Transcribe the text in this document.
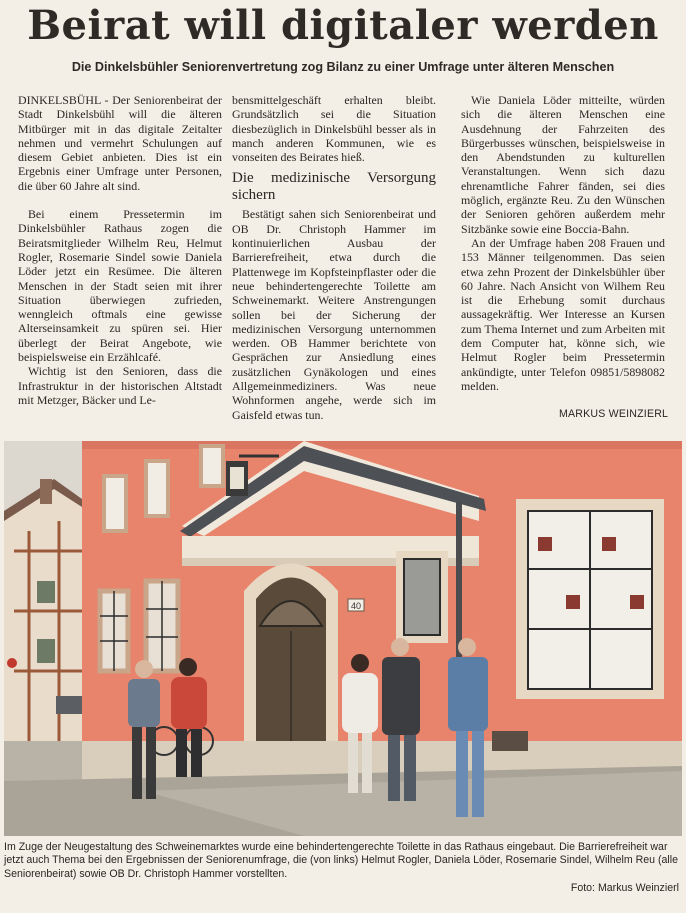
Beirat will digitaler werden
Die Dinkelsbühler Seniorenvertretung zog Bilanz zu einer Umfrage unter älteren Menschen

DINKELSBÜHL - Der Seniorenbeirat der Stadt Dinkelsbühl will die älteren Mitbürger mit in das digitale Zeitalter nehmen und vermehrt Schulungen auf diesem Gebiet anbieten. Dies ist ein Ergebnis einer Umfrage unter Personen, die über 60 Jahre alt sind.

Bei einem Pressetermin im Dinkelsbühler Rathaus zogen die Beiratsmitglieder Wilhelm Reu, Helmut Rogler, Rosemarie Sindel sowie Daniela Löder jetzt ein Resümee. Die älteren Menschen in der Stadt seien mit ihrer Situation überwiegen zufrieden, wenngleich oftmals eine gewisse Alterseinsamkeit zu spüren sei. Hier überlegt der Beirat Angebote, wie beispielsweise ein Erzählcafé.

Wichtig ist den Senioren, dass die Infrastruktur in der historischen Altstadt mit Metzger, Bäcker und Le-

bensmittelgeschäft erhalten bleibt. Grundsätzlich sei die Situation diesbezüglich in Dinkelsbühl besser als in manch anderen Kommunen, wie es vonseiten des Beirates hieß.

Die medizinische Versorgung sichern

Bestätigt sahen sich Seniorenbeirat und OB Dr. Christoph Hammer im kontinuierlichen Ausbau der Barrierefreiheit, etwa durch die Plattenwege im Kopfsteinpflaster oder die neue behindertengerechte Toilette am Schweinemarkt. Weitere Anstrengungen sollen bei der Sicherung der medizinischen Versorgung unternommen werden. OB Hammer berichtete von Gesprächen zur Ansiedlung eines zusätzlichen Gynäkologen und eines Allgemeinmediziners. Was neue Wohnformen angehe, werde sich im Gaisfeld etwas tun.

Wie Daniela Löder mitteilte, würden sich die älteren Menschen eine Ausdehnung der Fahrzeiten des Bürgerbusses wünschen, beispielsweise in den Abendstunden zu kulturellen Veranstaltungen. Wenn sich dazu ehrenamtliche Fahrer fänden, sei dies möglich, ergänzte Reu. Zu den Wünschen der Senioren gehören außerdem mehr Sitzbänke sowie eine Boccia-Bahn.

An der Umfrage haben 208 Frauen und 153 Männer teilgenommen. Das seien etwa zehn Prozent der Dinkelsbühler über 60 Jahre. Nach Ansicht von Wilhem Reu ist die Erhebung somit durchaus aussagekräftig. Wer Interesse an Kursen zum Thema Internet und zum Arbeiten mit dem Computer hat, könne sich, wie Helmut Rogler beim Pressetermin ankündigte, unter Telefon 09851/5898082 melden.

MARKUS WEINZIERL
40
Im Zuge der Neugestaltung des Schweinemarktes wurde eine behindertengerechte Toilette in das Rathaus eingebaut. Die Barrierefreiheit war jetzt auch Thema bei den Ergebnissen der Seniorenumfrage, die (von links) Helmut Rogler, Daniela Löder, Rosemarie Sindel, Wilhelm Reu (alle Seniorenbeirat) sowie OB Dr. Christoph Hammer vorstellten.
Foto: Markus Weinzierl
